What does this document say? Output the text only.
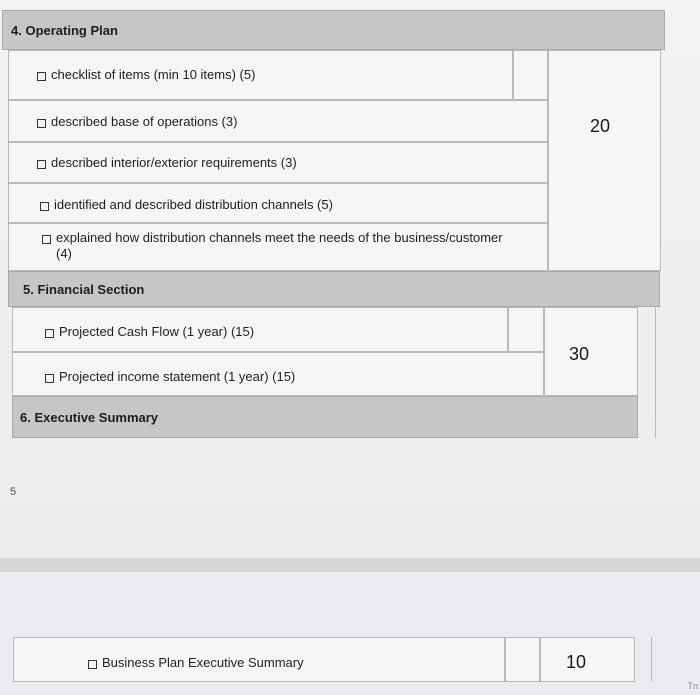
4. Operating Plan
checklist of items (min 10 items) (5)
described base of operations (3)
described interior/exterior requirements (3)
identified and described distribution channels (5)
explained how distribution channels meet the needs of the business/customer (4)
20
5. Financial Section
Projected Cash Flow (1 year) (15)
Projected income statement (1 year) (15)
30
6. Executive Summary
5
Business Plan Executive Summary	10
Tn
